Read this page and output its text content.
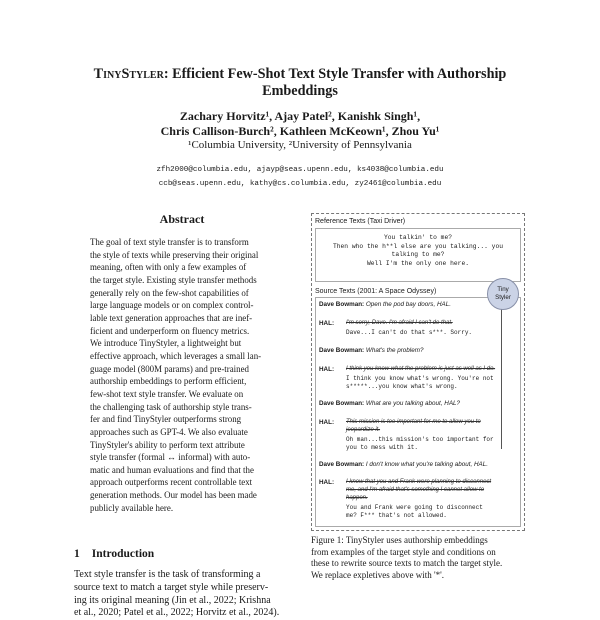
TinyStyler: Efficient Few-Shot Text Style Transfer with Authorship
Embeddings
Zachary Horvitz¹, Ajay Patel², Kanishk Singh¹,
Chris Callison-Burch², Kathleen McKeown¹, Zhou Yu¹
¹Columbia University, ²University of Pennsylvania
zfh2000@columbia.edu, ajayp@seas.upenn.edu, ks4038@columbia.edu
ccb@seas.upenn.edu, kathy@cs.columbia.edu, zy2461@columbia.edu
Abstract
The goal of text style transfer is to transform
the style of texts while preserving their original
meaning, often with only a few examples of
the target style. Existing style transfer methods
generally rely on the few-shot capabilities of
large language models or on complex control-
lable text generation approaches that are inef-
ficient and underperform on fluency metrics.
We introduce TinyStyler, a lightweight but
effective approach, which leverages a small lan-
guage model (800M params) and pre-trained
authorship embeddings to perform efficient,
few-shot text style transfer. We evaluate on
the challenging task of authorship style trans-
fer and find TinyStyler outperforms strong
approaches such as GPT-4. We also evaluate
TinyStyler's ability to perform text attribute
style transfer (formal ↔ informal) with auto-
matic and human evaluations and find that the
approach outperforms recent controllable text
generation methods. Our model has been made
publicly available here.
1 Introduction
Text style transfer is the task of transforming a
source text to match a target style while preserv-
ing its original meaning (Jin et al., 2022; Krishna
et al., 2020; Patel et al., 2022; Horvitz et al., 2024).
Reference Texts (Taxi Driver)
You talkin' to me?
Then who the h**l else are you talking... you
talking to me?
Well I'm the only one here.
Source Texts (2001: A Space Odyssey)
Dave Bowman: Open the pod bay doors, HAL.
HAL: I'm sorry, Dave. I'm afraid I can't do that.
Dave...I can't do that s***. Sorry.
Dave Bowman: What's the problem?
HAL: I think you know what the problem is just as well as I do.
I think you know what's wrong. You're not
s*****...you know what's wrong.
Dave Bowman: What are you talking about, HAL?
HAL: This mission is too important for me to allow you to
jeopardize it.
Oh man...this mission's too important for
you to mess with it.
Dave Bowman: I don't know what you're talking about, HAL.
HAL: I know that you and Frank were planning to disconnect
me, and I'm afraid that's something I cannot allow to
happen.
You and Frank were going to disconnect
me? F*** that's not allowed.
Tiny
Styler
Figure 1: TinyStyler uses authorship embeddings
from examples of the target style and conditions on
these to rewrite source texts to match the target style.
We replace expletives above with '*'.
